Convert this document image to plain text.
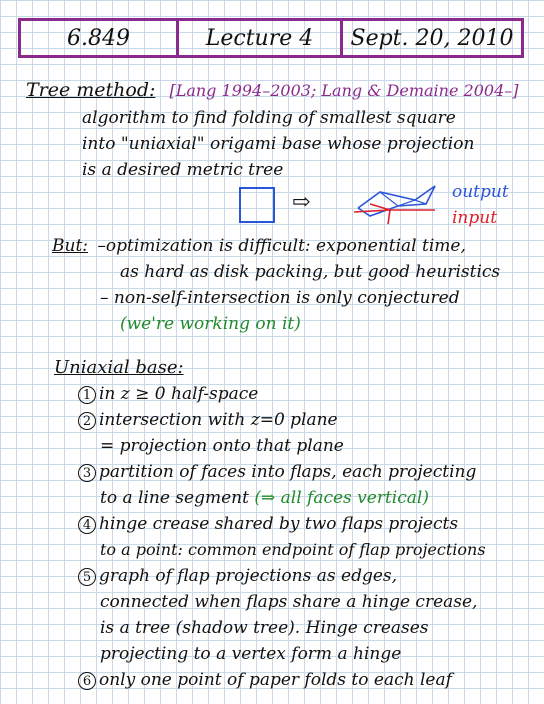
6.849	Lecture 4	Sept. 20, 2010
Tree method: [Lang 1994–2003; Lang & Demaine 2004–]
algorithm to find folding of smallest square
into "uniaxial" origami base whose projection
is a desired metric tree
⇨	output
input
But: –optimization is difficult: exponential time,
as hard as disk packing, but good heuristics
– non-self-intersection is only conjectured
(we're working on it)
Uniaxial base:
1 in z ≥ 0 half-space
2 intersection with z=0 plane
= projection onto that plane
3 partition of faces into flaps, each projecting
to a line segment (⇒ all faces vertical)
4 hinge crease shared by two flaps projects
to a point: common endpoint of flap projections
5 graph of flap projections as edges,
connected when flaps share a hinge crease,
is a tree (shadow tree). Hinge creases
projecting to a vertex form a hinge
6 only one point of paper folds to each leaf
